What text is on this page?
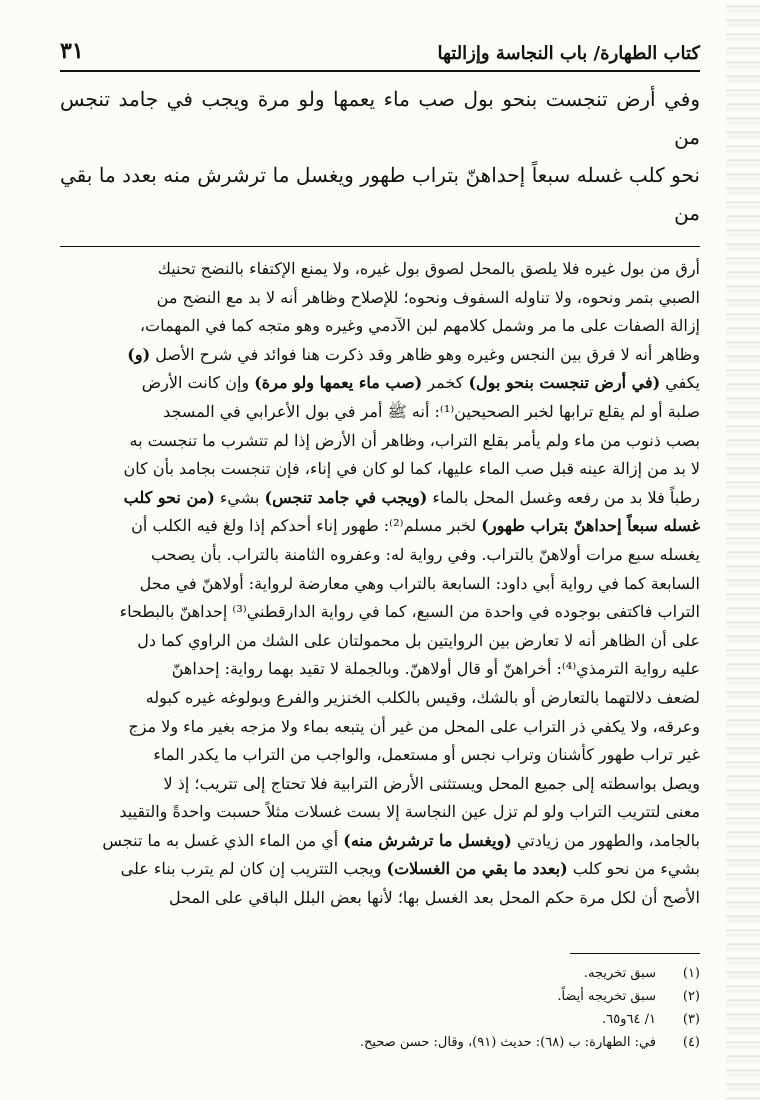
كتاب الطهارة/ باب النجاسة وإزالتها
٣١

وفي أرض تنجست بنحو بول صب ماء يعمها ولو مرة ويجب في جامد تنجس من

نحو كلب غسله سبعاً إحداهنّ بتراب طهور ويغسل ما ترشرش منه بعدد ما بقي من

أرق من بول غيره فلا يلصق بالمحل لصوق بول غيره، ولا يمنع الإكتفاء بالنضح تحنيك

الصبي بتمر ونحوه، ولا تناوله السفوف ونحوه؛ للإصلاح وظاهر أنه لا بد مع النضح من

إزالة الصفات على ما مر وشمل كلامهم لبن الآدمي وغيره وهو متجه كما في المهمات،

وظاهر أنه لا فرق بين النجس وغيره وهو ظاهر وقد ذكرت هنا فوائد في شرح الأصل (و)

يكفي (في أرض تنجست بنحو بول) كخمر (صب ماء يعمها ولو مرة) وإن كانت الأرض

صلبة أو لم يقلع ترابها لخبر الصحيحين⁽¹⁾: أنه ﷺ أمر في بول الأعرابي في المسجد

بصب ذنوب من ماء ولم يأمر بقلع التراب، وظاهر أن الأرض إذا لم تتشرب ما تنجست به

لا بد من إزالة عينه قبل صب الماء عليها، كما لو كان في إناء، فإن تنجست بجامد بأن كان

رطباً فلا بد من رفعه وغسل المحل بالماء (ويجب في جامد تنجس) بشيء (من نحو كلب

غسله سبعاً إحداهنّ بتراب طهور) لخبر مسلم⁽²⁾: طهور إناء أحدكم إذا ولغ فيه الكلب أن

يغسله سبع مرات أولاهنّ بالتراب. وفي رواية له: وعفروه الثامنة بالتراب. بأن يصحب

السابعة كما في رواية أبي داود: السابعة بالتراب وهي معارضة لرواية: أولاهنّ في محل

التراب فاكتفى بوجوده في واحدة من السبع، كما في رواية الدارقطني⁽³⁾ إحداهنّ بالبطحاء

على أن الظاهر أنه لا تعارض بين الروايتين بل محمولتان على الشك من الراوي كما دل

عليه رواية الترمذي⁽⁴⁾: أخراهنّ أو قال أولاهنّ. وبالجملة لا تقيد بهما رواية: إحداهنّ

لضعف دلالتهما بالتعارض أو بالشك، وقيس بالكلب الخنزير والفرع وبولوغه غيره كبوله

وعرقه، ولا يكفي ذر التراب على المحل من غير أن يتبعه بماء ولا مزجه بغير ماء ولا مزج

غير تراب طهور كأشنان وتراب نجس أو مستعمل، والواجب من التراب ما يكدر الماء

ويصل بواسطته إلى جميع المحل ويستثنى الأرض الترابية فلا تحتاج إلى تتريب؛ إذ لا

معنى لتتريب التراب ولو لم تزل عين النجاسة إلا بست غسلات مثلاً حسبت واحدةً والتقييد

بالجامد، والطهور من زيادتي (ويغسل ما ترشرش منه) أي من الماء الذي غسل به ما تنجس

بشيء من نحو كلب (بعدد ما بقي من الغسلات) ويجب التتريب إن كان لم يترب بناء على

الأصح أن لكل مرة حكم المحل بعد الغسل بها؛ لأنها بعض البلل الباقي على المحل

(١)
سبق تخريجه.
(٢)
سبق تخريجه أيضاً.
(٣)
١/ ٦٤و٦٥.
(٤)
في: الطهارة: ب (٦٨): حديث (٩١)، وقال: حسن صحيح.
